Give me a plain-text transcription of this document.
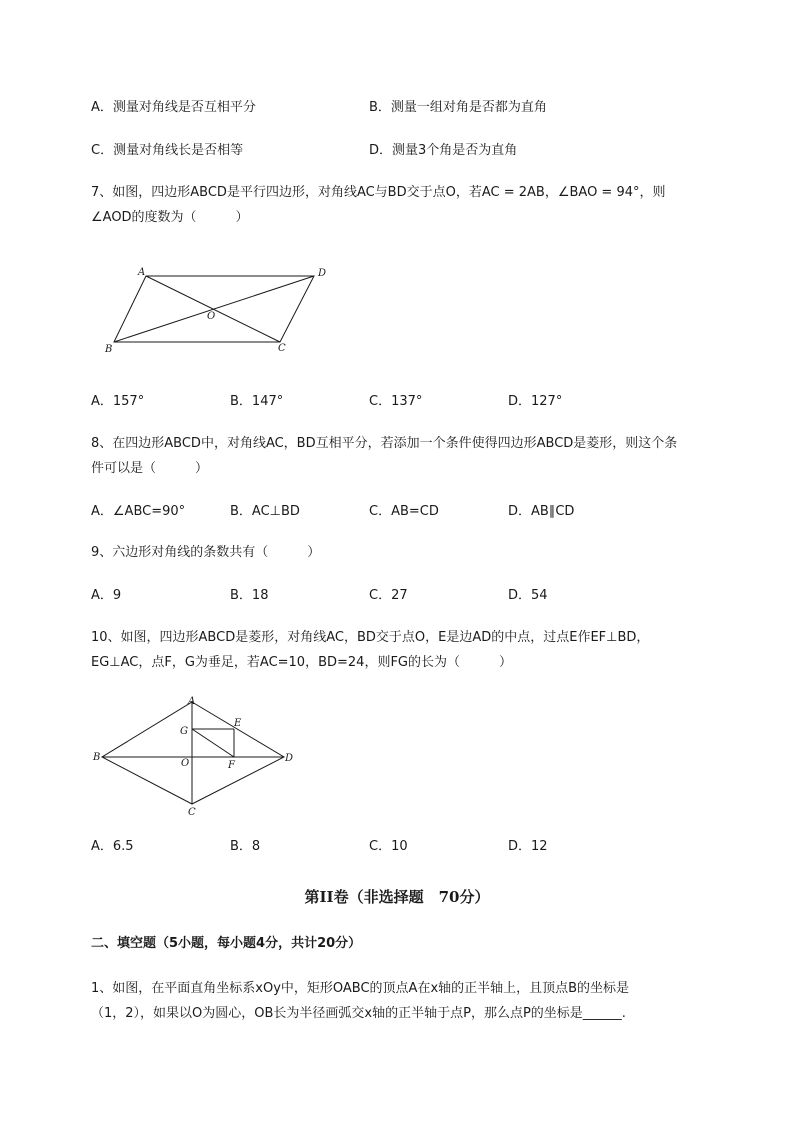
A．测量对角线是否互相平分	B．测量一组对角是否都为直角
C．测量对角线长是否相等	D．测量3个角是否为直角
7、如图，四边形ABCD是平行四边形，对角线AC与BD交于点O，若AC = 2AB，∠BAO = 94°，则
∠AOD的度数为（　　　）
A	D
O
B	C
A．157°	B．147°	C．137°	D．127°
8、在四边形ABCD中，对角线AC，BD互相平分，若添加一个条件使得四边形ABCD是菱形，则这个条
件可以是（　　　）
A．∠ABC=90°	B．AC⊥BD	C．AB=CD	D．AB∥CD
9、六边形对角线的条数共有（　　　）
A．9	B．18	C．27	D．54
10、如图，四边形ABCD是菱形，对角线AC，BD交于点O，E是边AD的中点，过点E作EF⊥BD，
EG⊥AC，点F，G为垂足，若AC=10，BD=24，则FG的长为（　　　）
A
E
G
B
O	F
D
C
A．6.5	B．8	C．10	D．12
第II卷（非选择题　70分）
二、填空题（5小题，每小题4分，共计20分）
1、如图，在平面直角坐标系xOy中，矩形OABC的顶点A在x轴的正半轴上，且顶点B的坐标是
（1，2），如果以O为圆心，OB长为半径画弧交x轴的正半轴于点P，那么点P的坐标是______.
